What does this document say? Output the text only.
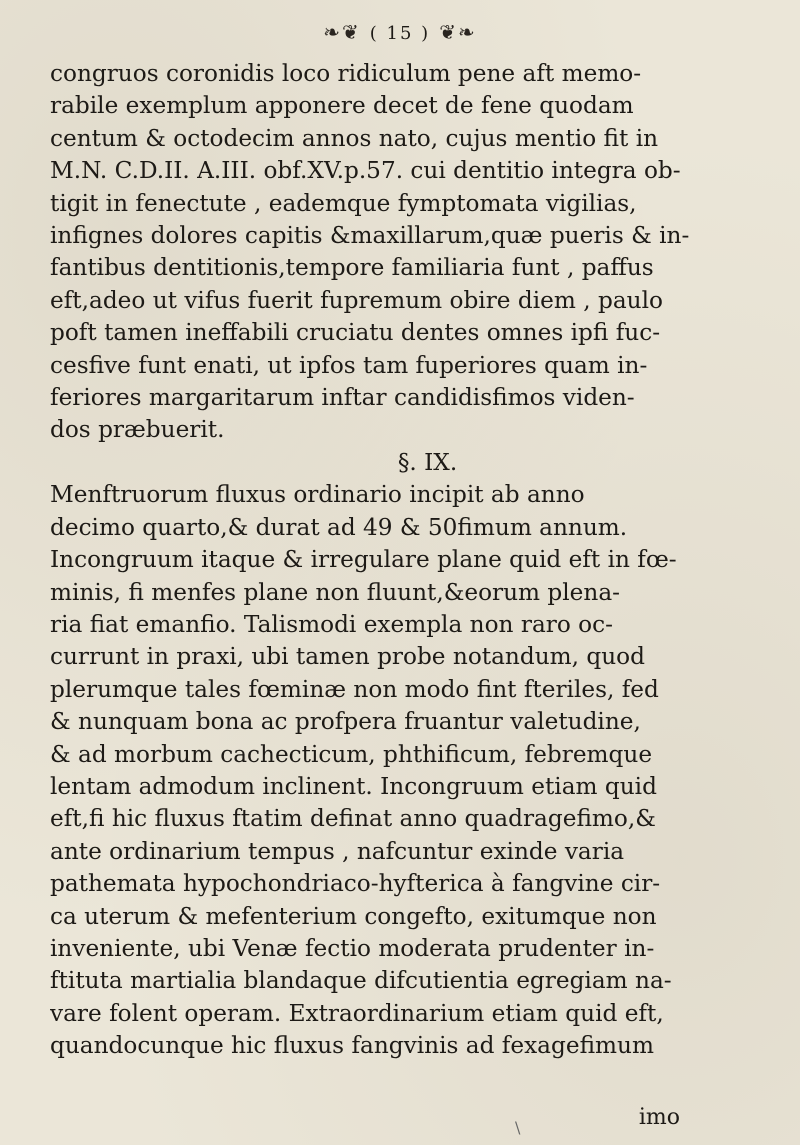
❧❦ ( 15 ) ❦❧
congruos coronidis loco ridiculum pene aft memo-
rabile exemplum apponere decet de fene quodam
centum & octodecim annos nato, cujus mentio fit in
M.N. C.D.II. A.III. obf.XV.p.57. cui dentitio integra ob-
tigit in fenectute , eademque fymptomata vigilias,
infignes dolores capitis &maxillarum,quæ pueris & in-
fantibus dentitionis,tempore familiaria funt , paffus
eft,adeo ut vifus fuerit fupremum obire diem , paulo
poft tamen ineffabili cruciatu dentes omnes ipfi fuc-
cesfive funt enati, ut ipfos tam fuperiores quam in-
feriores margaritarum inftar candidisfimos viden-
dos præbuerit.
§. IX.
Menftruorum fluxus ordinario incipit ab anno
decimo quarto,& durat ad 49 & 50fimum annum.
Incongruum itaque & irregulare plane quid eft in fœ-
minis, fi menfes plane non fluunt,&eorum plena-
ria fiat emanfio. Talismodi exempla non raro oc-
currunt in praxi, ubi tamen probe notandum, quod
plerumque tales fœminæ non modo fint fteriles, fed
& nunquam bona ac profpera fruantur valetudine,
& ad morbum cachecticum, phthificum, febremque
lentam admodum inclinent. Incongruum etiam quid
eft,fi hic fluxus ftatim definat anno quadragefimo,&
ante ordinarium tempus , nafcuntur exinde varia
pathemata hypochondriaco-hyfterica à fangvine cir-
ca uterum & mefenterium congefto, exitumque non
inveniente, ubi Venæ fectio moderata prudenter in-
ftituta martialia blandaque difcutientia egregiam na-
vare folent operam. Extraordinarium etiam quid eft,
quandocunque hic fluxus fangvinis ad fexagefimum
imo
\
